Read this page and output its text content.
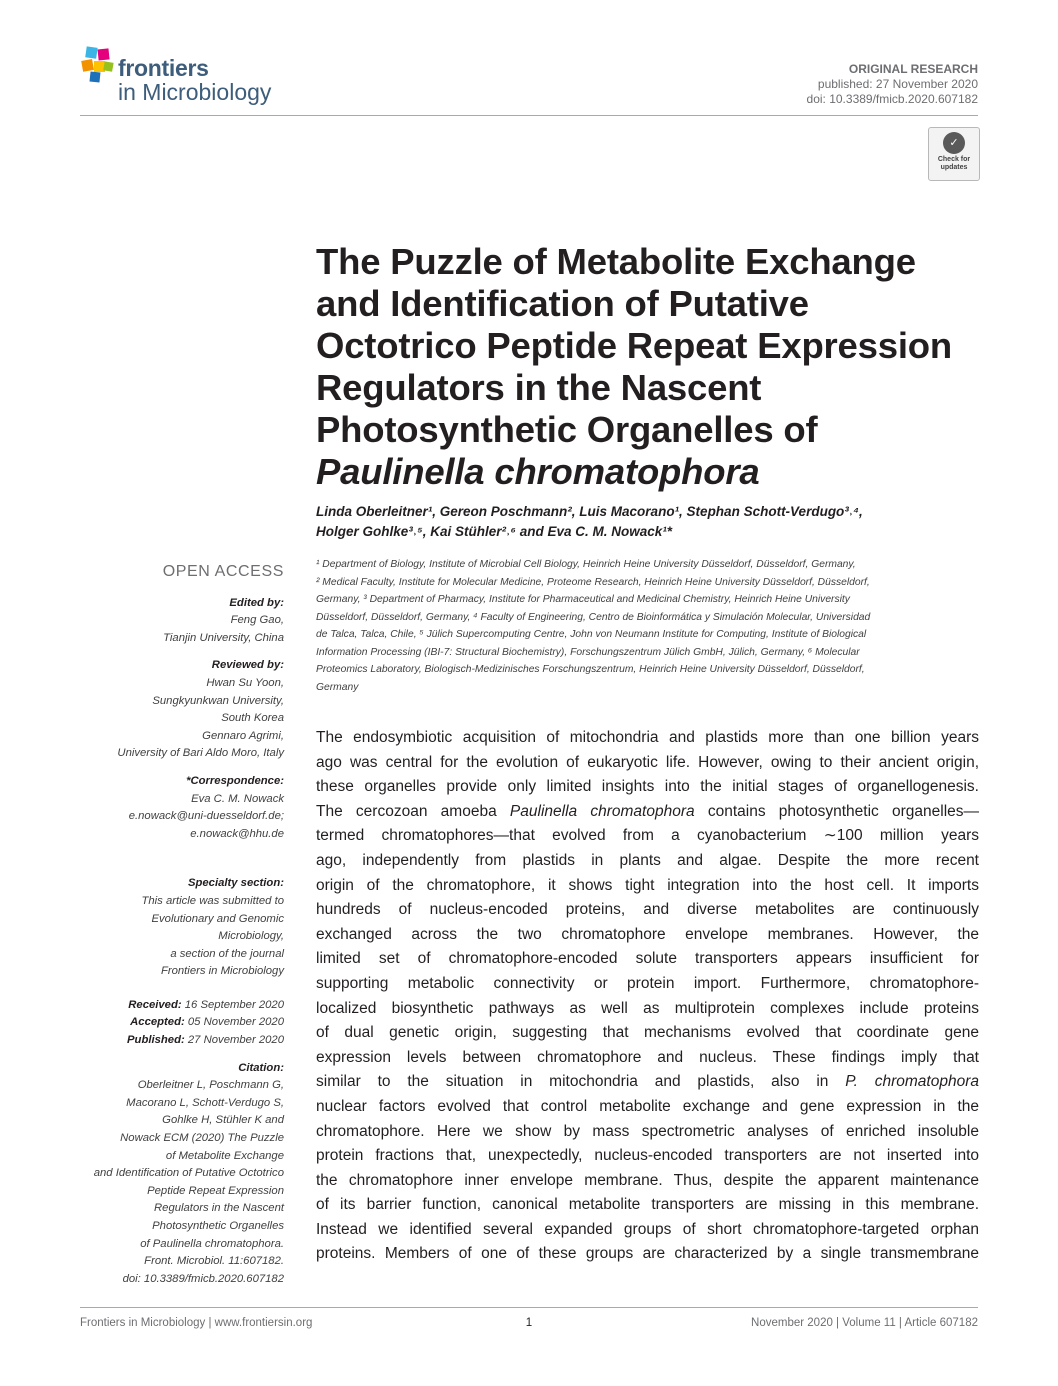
frontiers
in Microbiology
ORIGINAL RESEARCH
published: 27 November 2020
doi: 10.3389/fmicb.2020.607182
✓
Check for
updates
The Puzzle of Metabolite Exchange
and Identification of Putative
Octotrico Peptide Repeat Expression
Regulators in the Nascent
Photosynthetic Organelles of
Paulinella chromatophora
Linda Oberleitner¹, Gereon Poschmann², Luis Macorano¹, Stephan Schott-Verdugo³˒⁴,
Holger Gohlke³˒⁵, Kai Stühler²˒⁶ and Eva C. M. Nowack¹*
¹ Department of Biology, Institute of Microbial Cell Biology, Heinrich Heine University Düsseldorf, Düsseldorf, Germany,
² Medical Faculty, Institute for Molecular Medicine, Proteome Research, Heinrich Heine University Düsseldorf, Düsseldorf,
Germany, ³ Department of Pharmacy, Institute for Pharmaceutical and Medicinal Chemistry, Heinrich Heine University
Düsseldorf, Düsseldorf, Germany, ⁴ Faculty of Engineering, Centro de Bioinformática y Simulación Molecular, Universidad
de Talca, Talca, Chile, ⁵ Jülich Supercomputing Centre, John von Neumann Institute for Computing, Institute of Biological
Information Processing (IBI-7: Structural Biochemistry), Forschungszentrum Jülich GmbH, Jülich, Germany, ⁶ Molecular
Proteomics Laboratory, Biologisch-Medizinisches Forschungszentrum, Heinrich Heine University Düsseldorf, Düsseldorf,
Germany
OPEN ACCESS
Edited by:
Feng Gao,
Tianjin University, China
Reviewed by:
Hwan Su Yoon,
Sungkyunkwan University,
South Korea
Gennaro Agrimi,
University of Bari Aldo Moro, Italy
*Correspondence:
Eva C. M. Nowack
e.nowack@uni-duesseldorf.de;
e.nowack@hhu.de
Specialty section:
This article was submitted to
Evolutionary and Genomic
Microbiology,
a section of the journal
Frontiers in Microbiology
Received: 16 September 2020
Accepted: 05 November 2020
Published: 27 November 2020
Citation:
Oberleitner L, Poschmann G,
Macorano L, Schott-Verdugo S,
Gohlke H, Stühler K and
Nowack ECM (2020) The Puzzle
of Metabolite Exchange
and Identification of Putative Octotrico
Peptide Repeat Expression
Regulators in the Nascent
Photosynthetic Organelles
of Paulinella chromatophora.
Front. Microbiol. 11:607182.
doi: 10.3389/fmicb.2020.607182
The endosymbiotic acquisition of mitochondria and plastids more than one billion years
ago was central for the evolution of eukaryotic life. However, owing to their ancient origin,
these organelles provide only limited insights into the initial stages of organellogenesis.
The cercozoan amoeba Paulinella chromatophora contains photosynthetic organelles—
termed chromatophores—that evolved from a cyanobacterium ∼100 million years
ago, independently from plastids in plants and algae. Despite the more recent
origin of the chromatophore, it shows tight integration into the host cell. It imports
hundreds of nucleus-encoded proteins, and diverse metabolites are continuously
exchanged across the two chromatophore envelope membranes. However, the
limited set of chromatophore-encoded solute transporters appears insufficient for
supporting metabolic connectivity or protein import. Furthermore, chromatophore-
localized biosynthetic pathways as well as multiprotein complexes include proteins
of dual genetic origin, suggesting that mechanisms evolved that coordinate gene
expression levels between chromatophore and nucleus. These findings imply that
similar to the situation in mitochondria and plastids, also in P. chromatophora
nuclear factors evolved that control metabolite exchange and gene expression in the
chromatophore. Here we show by mass spectrometric analyses of enriched insoluble
protein fractions that, unexpectedly, nucleus-encoded transporters are not inserted into
the chromatophore inner envelope membrane. Thus, despite the apparent maintenance
of its barrier function, canonical metabolite transporters are missing in this membrane.
Instead we identified several expanded groups of short chromatophore-targeted orphan
proteins. Members of one of these groups are characterized by a single transmembrane
Frontiers in Microbiology | www.frontiersin.org	1	November 2020 | Volume 11 | Article 607182
